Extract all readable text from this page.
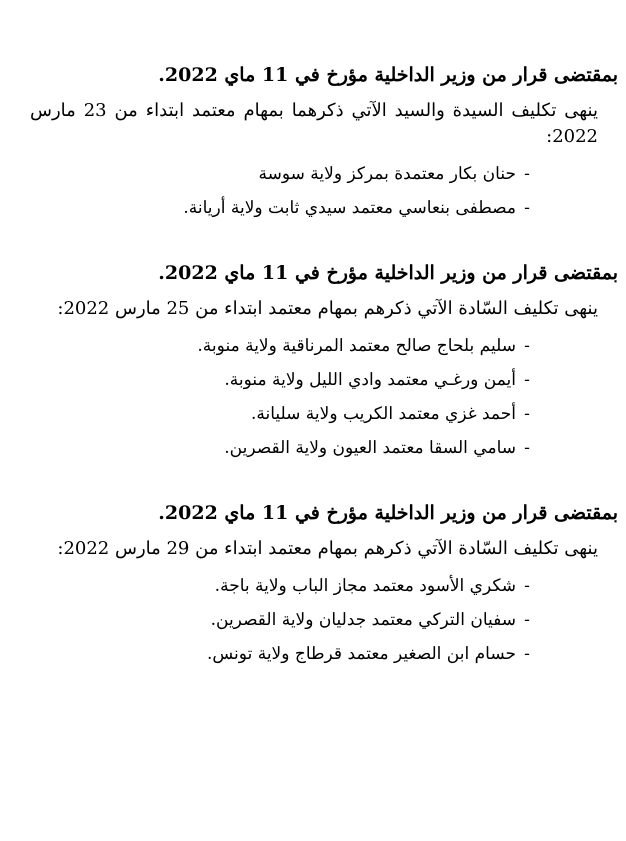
بمقتضى قرار من وزير الداخلية مؤرخ في 11 ماي 2022.

ينهى تكليف السيدة والسيد الآتي ذكرهما بمهام معتمد ابتداء من 23 مارس 2022:

-حنان بكار معتمدة بمركز ولاية سوسة
-مصطفى بنعاسي معتمد سيدي ثابت ولاية أريانة.

بمقتضى قرار من وزير الداخلية مؤرخ في 11 ماي 2022.

ينهى تكليف السّادة الآتي ذكرهم بمهام معتمد ابتداء من 25 مارس 2022:

-سليم بلحاج صالح معتمد المرناقية ولاية منوبة.
-أيمن ورغـي معتمد وادي الليل ولاية منوبة.
-أحمد غزي معتمد الكريب ولاية سليانة.
-سامي السقا معتمد العيون ولاية القصرين.

بمقتضى قرار من وزير الداخلية مؤرخ في 11 ماي 2022.

ينهى تكليف السّادة الآتي ذكرهم بمهام معتمد ابتداء من 29 مارس 2022:

-شكري الأسود معتمد مجاز الباب ولاية باجة.
-سفيان التركي معتمد جدليان ولاية القصرين.
-حسام ابن الصغير معتمد قرطاج ولاية تونس.
